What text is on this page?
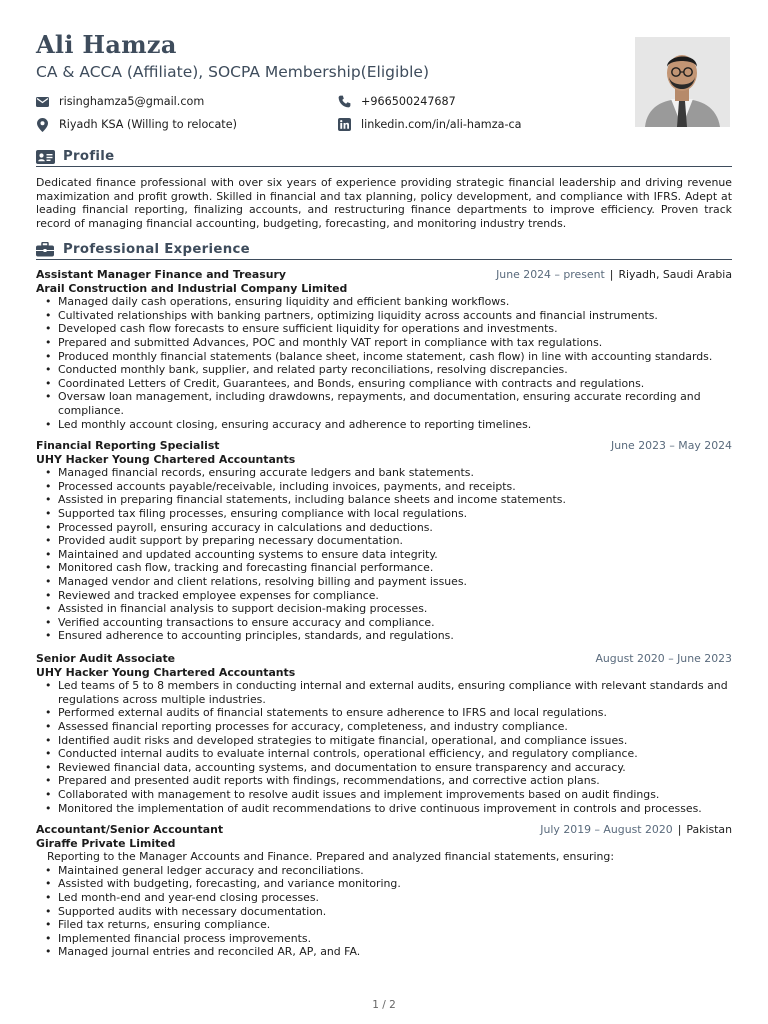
Ali Hamza
CA & ACCA (Affiliate), SOCPA Membership(Eligible)
risinghamza5@gmail.com	+966500247687
Riyadh KSA (Willing to relocate)	linkedin.com/in/ali-hamza-ca
Profile
Dedicated finance professional with over six years of experience providing strategic financial leadership and driving revenue maximization and profit growth. Skilled in financial and tax planning, policy development, and compliance with IFRS. Adept at leading financial reporting, finalizing accounts, and restructuring finance departments to improve efficiency. Proven track record of managing financial accounting, budgeting, forecasting, and monitoring industry trends.
Professional Experience
Assistant Manager Finance and Treasury	June 2024 – present | Riyadh, Saudi Arabia
Arail Construction and Industrial Company Limited
• Managed daily cash operations, ensuring liquidity and efficient banking workflows.
• Cultivated relationships with banking partners, optimizing liquidity across accounts and financial instruments.
• Developed cash flow forecasts to ensure sufficient liquidity for operations and investments.
• Prepared and submitted Advances, POC and monthly VAT report in compliance with tax regulations.
• Produced monthly financial statements (balance sheet, income statement, cash flow) in line with accounting standards.
• Conducted monthly bank, supplier, and related party reconciliations, resolving discrepancies.
• Coordinated Letters of Credit, Guarantees, and Bonds, ensuring compliance with contracts and regulations.
• Oversaw loan management, including drawdowns, repayments, and documentation, ensuring accurate recording and compliance.
• Led monthly account closing, ensuring accuracy and adherence to reporting timelines.
Financial Reporting Specialist	June 2023 – May 2024
UHY Hacker Young Chartered Accountants
• Managed financial records, ensuring accurate ledgers and bank statements.
• Processed accounts payable/receivable, including invoices, payments, and receipts.
• Assisted in preparing financial statements, including balance sheets and income statements.
• Supported tax filing processes, ensuring compliance with local regulations.
• Processed payroll, ensuring accuracy in calculations and deductions.
• Provided audit support by preparing necessary documentation.
• Maintained and updated accounting systems to ensure data integrity.
• Monitored cash flow, tracking and forecasting financial performance.
• Managed vendor and client relations, resolving billing and payment issues.
• Reviewed and tracked employee expenses for compliance.
• Assisted in financial analysis to support decision-making processes.
• Verified accounting transactions to ensure accuracy and compliance.
• Ensured adherence to accounting principles, standards, and regulations.
Senior Audit Associate	August 2020 – June 2023
UHY Hacker Young Chartered Accountants
• Led teams of 5 to 8 members in conducting internal and external audits, ensuring compliance with relevant standards and regulations across multiple industries.
• Performed external audits of financial statements to ensure adherence to IFRS and local regulations.
• Assessed financial reporting processes for accuracy, completeness, and industry compliance.
• Identified audit risks and developed strategies to mitigate financial, operational, and compliance issues.
• Conducted internal audits to evaluate internal controls, operational efficiency, and regulatory compliance.
• Reviewed financial data, accounting systems, and documentation to ensure transparency and accuracy.
• Prepared and presented audit reports with findings, recommendations, and corrective action plans.
• Collaborated with management to resolve audit issues and implement improvements based on audit findings.
• Monitored the implementation of audit recommendations to drive continuous improvement in controls and processes.
Accountant/Senior Accountant	July 2019 – August 2020 | Pakistan
Giraffe Private Limited
Reporting to the Manager Accounts and Finance. Prepared and analyzed financial statements, ensuring:
• Maintained general ledger accuracy and reconciliations.
• Assisted with budgeting, forecasting, and variance monitoring.
• Led month-end and year-end closing processes.
• Supported audits with necessary documentation.
• Filed tax returns, ensuring compliance.
• Implemented financial process improvements.
• Managed journal entries and reconciled AR, AP, and FA.
1 / 2
